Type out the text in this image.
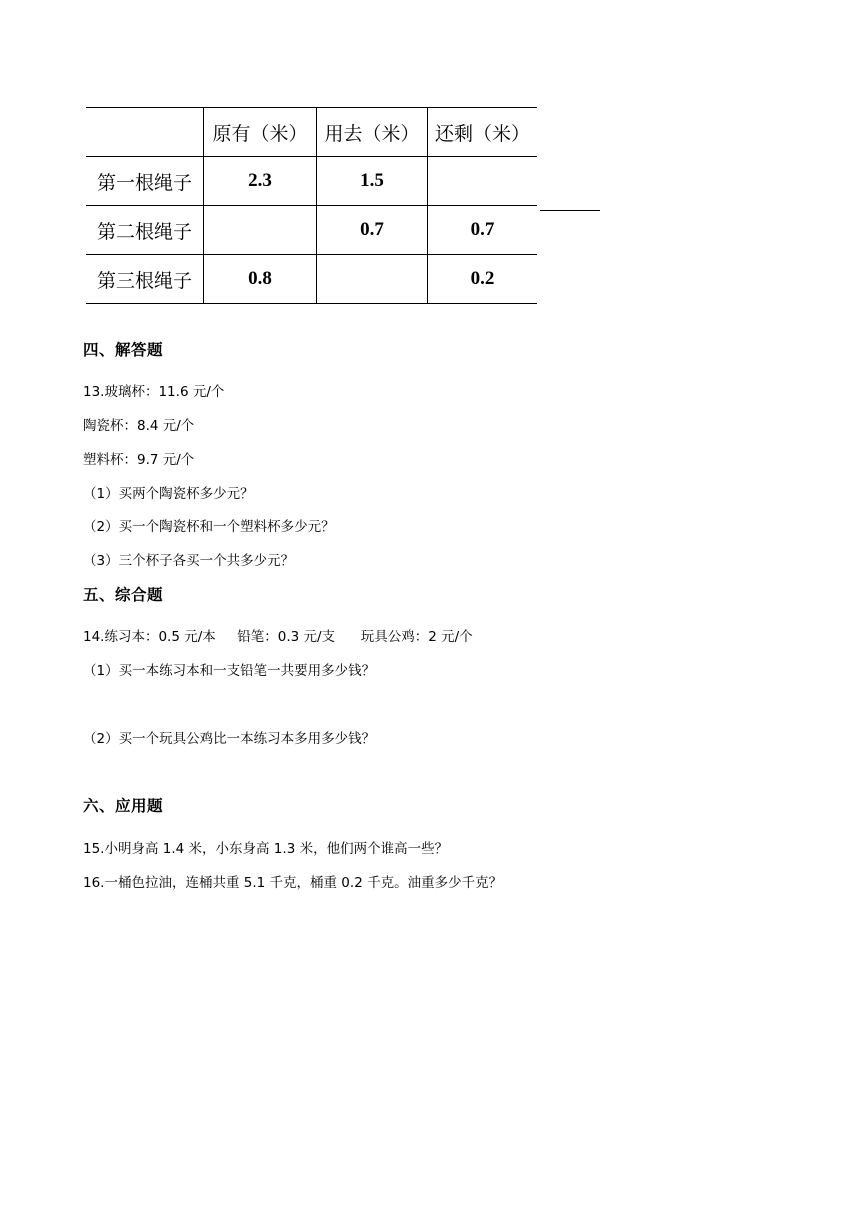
	原有（米）	用去（米）	还剩（米）
第一根绳子	2.3	1.5	
第二根绳子		0.7	0.7
第三根绳子	0.8		0.2
四、解答题
13.玻璃杯：11.6 元/个
陶瓷杯：8.4 元/个
塑料杯：9.7 元/个
（1）买两个陶瓷杯多少元？
（2）买一个陶瓷杯和一个塑料杯多少元？
（3）三个杯子各买一个共多少元？
五、综合题
14.练习本：0.5 元/本     铅笔：0.3 元/支      玩具公鸡：2 元/个
（1）买一本练习本和一支铅笔一共要用多少钱？
（2）买一个玩具公鸡比一本练习本多用多少钱？
六、应用题
15.小明身高 1.4 米，小东身高 1.3 米，他们两个谁高一些？
16.一桶色拉油，连桶共重 5.1 千克，桶重 0.2 千克。油重多少千克？
